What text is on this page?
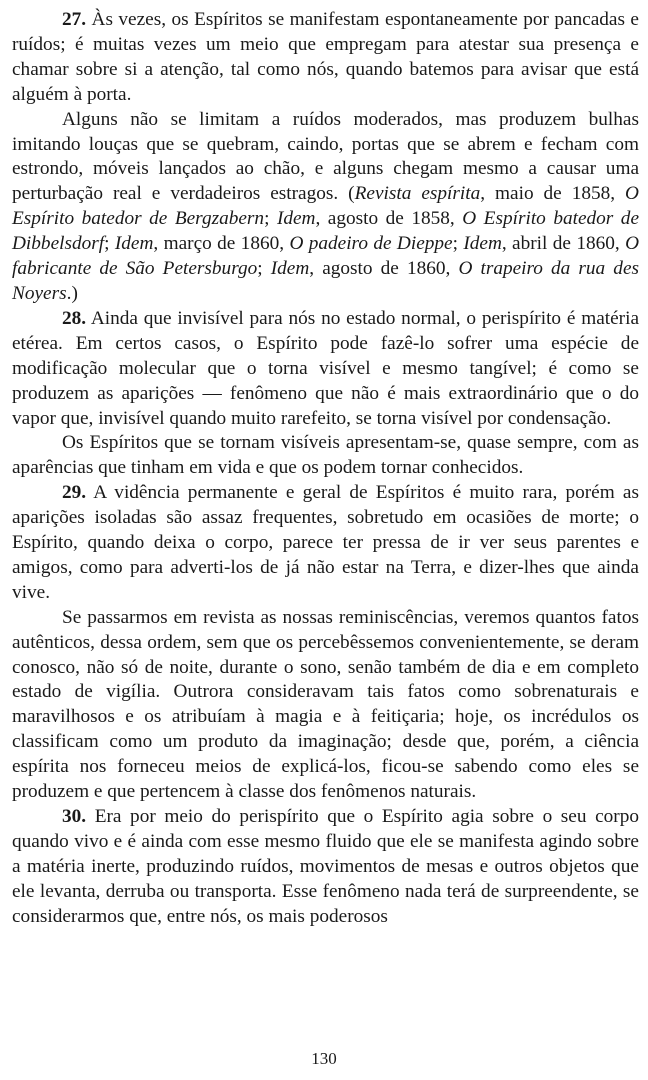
27. Às vezes, os Espíritos se manifestam espontaneamente por pancadas e ruídos; é muitas vezes um meio que empregam para atestar sua presença e chamar sobre si a atenção, tal como nós, quando batemos para avisar que está alguém à porta.

Alguns não se limitam a ruídos moderados, mas produzem bulhas imitando louças que se quebram, caindo, portas que se abrem e fecham com estrondo, móveis lançados ao chão, e alguns chegam mesmo a causar uma perturbação real e verdadeiros estragos. (Revista espírita, maio de 1858, O Espírito batedor de Bergzabern; Idem, agosto de 1858, O Espírito batedor de Dibbelsdorf; Idem, março de 1860, O padeiro de Dieppe; Idem, abril de 1860, O fabricante de São Petersburgo; Idem, agosto de 1860, O trapeiro da rua des Noyers.)

28. Ainda que invisível para nós no estado normal, o perispírito é matéria etérea. Em certos casos, o Espírito pode fazê-lo sofrer uma espécie de modificação molecular que o torna visível e mesmo tangível; é como se produzem as aparições — fenômeno que não é mais extraordinário que o do vapor que, invisível quando muito rarefeito, se torna visível por condensação.

Os Espíritos que se tornam visíveis apresentam-se, quase sempre, com as aparências que tinham em vida e que os podem tornar conhecidos.

29. A vidência permanente e geral de Espíritos é muito rara, porém as aparições isoladas são assaz frequentes, sobretudo em ocasiões de morte; o Espírito, quando deixa o corpo, parece ter pressa de ir ver seus parentes e amigos, como para adverti-los de já não estar na Terra, e dizer-lhes que ainda vive.

Se passarmos em revista as nossas reminiscências, veremos quantos fatos autênticos, dessa ordem, sem que os percebêssemos convenientemente, se deram conosco, não só de noite, durante o sono, senão também de dia e em completo estado de vigília. Outrora consideravam tais fatos como sobrenaturais e maravilhosos e os atribuíam à magia e à feitiçaria; hoje, os incrédulos os classificam como um produto da imaginação; desde que, porém, a ciência espírita nos forneceu meios de explicá-los, ficou-se sabendo como eles se produzem e que pertencem à classe dos fenômenos naturais.

30. Era por meio do perispírito que o Espírito agia sobre o seu corpo quando vivo e é ainda com esse mesmo fluido que ele se manifesta agindo sobre a matéria inerte, produzindo ruídos, movimentos de mesas e outros objetos que ele levanta, derruba ou transporta. Esse fenômeno nada terá de surpreendente, se considerarmos que, entre nós, os mais poderosos

130
